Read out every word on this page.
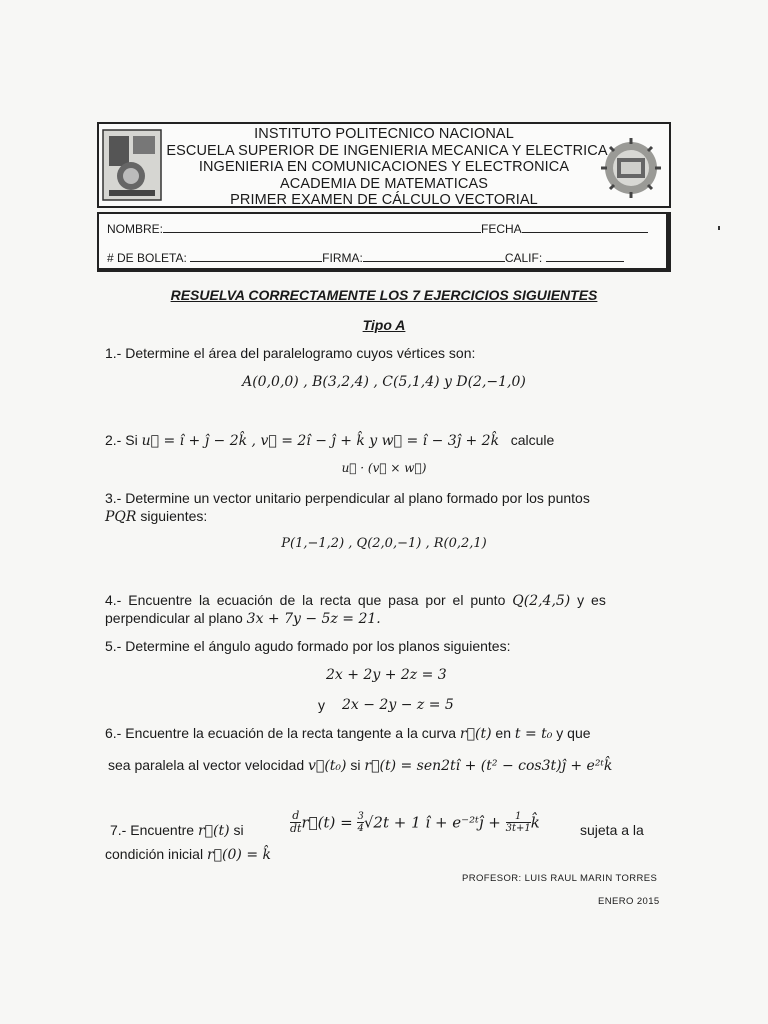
INSTITUTO POLITECNICO NACIONAL
ESCUELA SUPERIOR DE INGENIERIA MECANICA Y ELECTRICA
INGENIERIA EN COMUNICACIONES Y ELECTRONICA
ACADEMIA DE MATEMATICAS
PRIMER EXAMEN DE CÁLCULO VECTORIAL
NOMBRE:	FECHA
# DE BOLETA:	FIRMA:	CALIF:
RESUELVA CORRECTAMENTE LOS 7 EJERCICIOS SIGUIENTES
Tipo A
1.- Determine el área del paralelogramo cuyos vértices son:
A(0,0,0) , B(3,2,4) , C(5,1,4) y D(2,−1,0)
2.- Si u⃗ = î + ĵ − 2k̂ , v⃗ = 2î − ĵ + k̂ y w⃗ = î − 3ĵ + 2k̂ calcule
u⃗ · (v⃗ × w⃗)
3.- Determine un vector unitario perpendicular al plano formado por los puntos
PQR siguientes:
P(1,−1,2) , Q(2,0,−1) , R(0,2,1)
4.- Encuentre la ecuación de la recta que pasa por el punto Q(2,4,5) y es
perpendicular al plano 3x + 7y − 5z = 21.
5.- Determine el ángulo agudo formado por los planos siguientes:
2x + 2y + 2z = 3
y 2x − 2y − z = 5
6.- Encuentre la ecuación de la recta tangente a la curva r⃗(t) en t = t₀ y que
sea paralela al vector velocidad v⃗(t₀) si r⃗(t) = sen2tî + (t² − cos3t)ĵ + e²ᵗk̂
7.- Encuentre r⃗(t) si	$\frac{d}{dt}$ r⃗(t) = $\frac{3}{4} √2t + 1$ î + e⁻²ᵗĵ + $\frac{1}{3t+1}$ k̂	sujeta a la
condición inicial r⃗(0) = k̂
PROFESOR: LUIS RAUL MARIN TORRES
ENERO 2015
